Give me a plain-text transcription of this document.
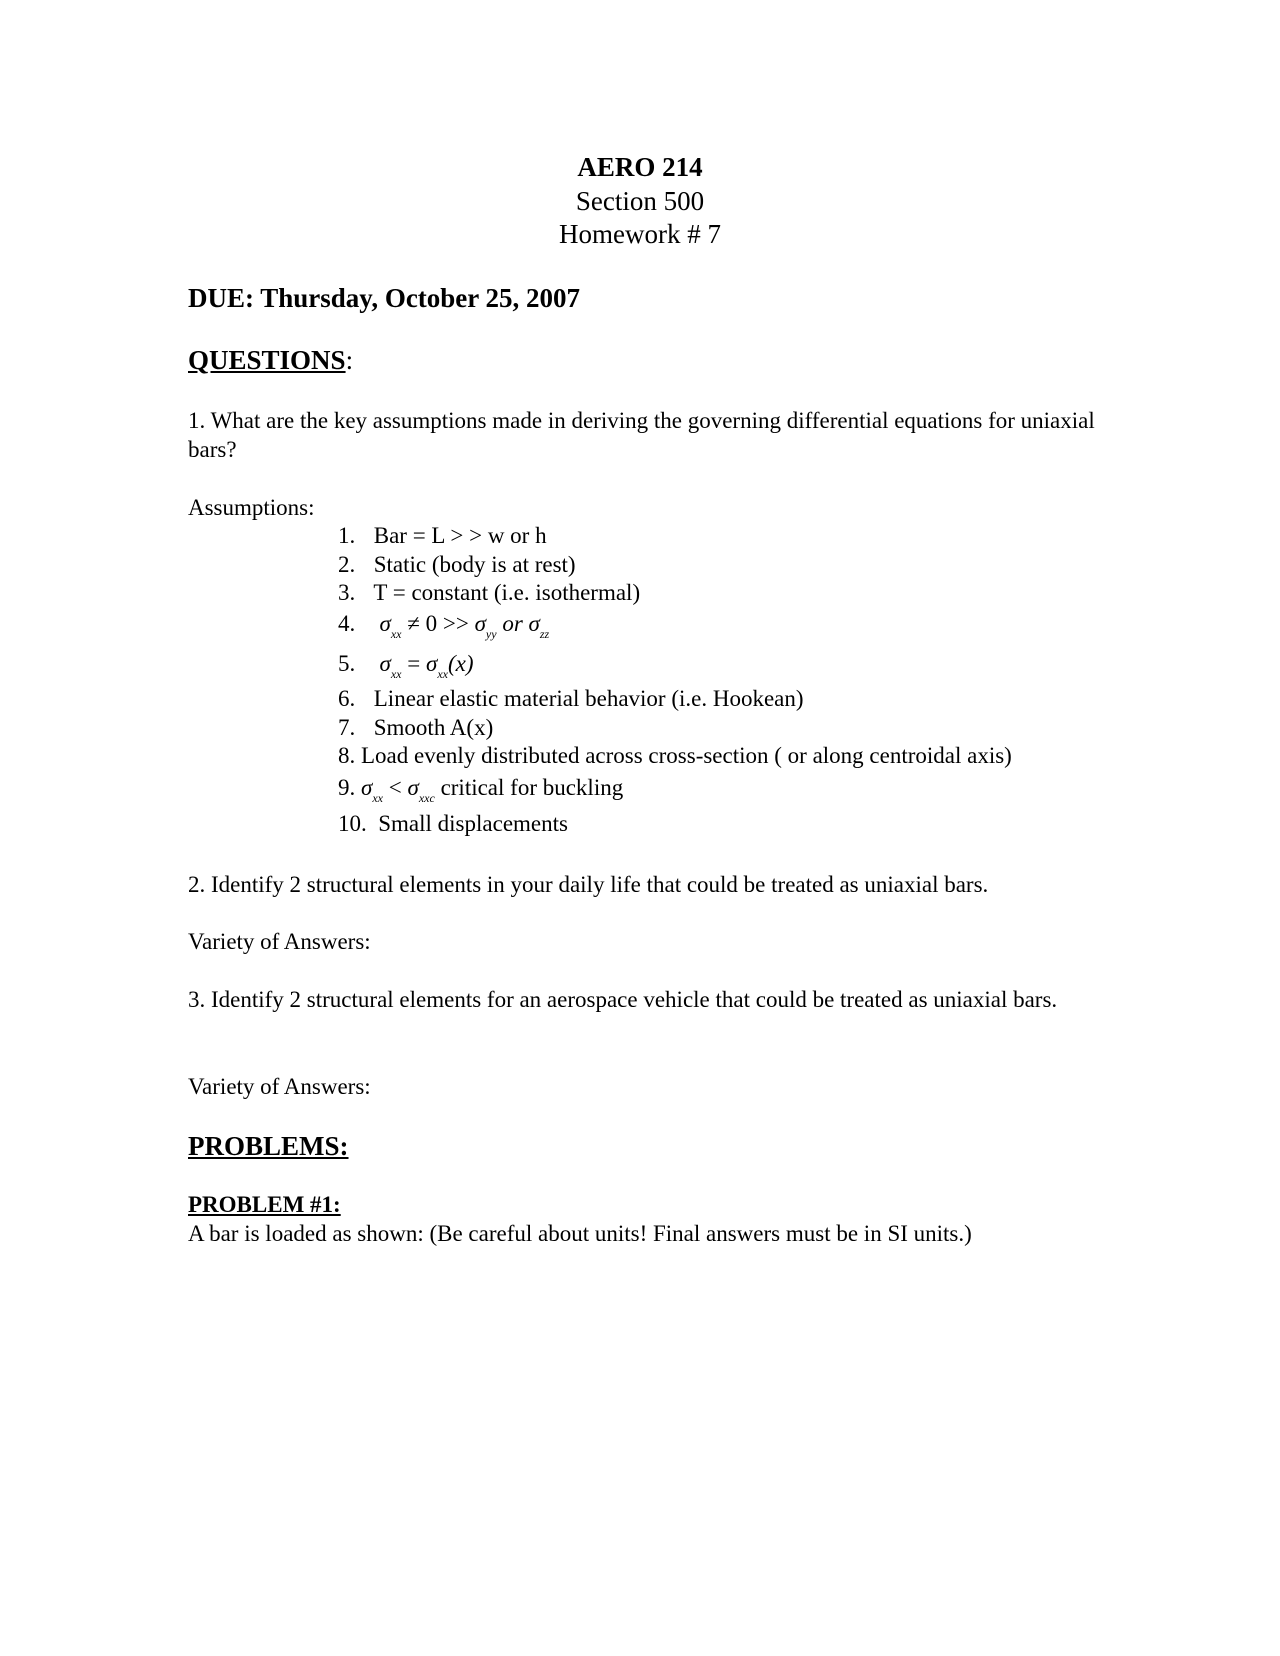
AERO 214
Section 500
Homework # 7
DUE: Thursday, October 25, 2007
QUESTIONS:
1. What are the key assumptions made in deriving the governing differential equations for uniaxial bars?
Assumptions:
1. Bar = L > > w or h
2. Static (body is at rest)
3. T = constant (i.e. isothermal)
4. $\sigma_{xx} \ne 0 >> \sigma_{yy}$ or $\sigma_{zz}$
5. $\sigma_{xx} = \sigma_{xx}(x)$
6. Linear elastic material behavior (i.e. Hookean)
7. Smooth A(x)
8. Load evenly distributed across cross-section ( or along centroidal axis)
9. $\sigma_{xx} < \sigma_{xxc}$ critical for buckling
10. Small displacements
2. Identify 2 structural elements in your daily life that could be treated as uniaxial bars.
Variety of Answers:
3. Identify 2 structural elements for an aerospace vehicle that could be treated as uniaxial bars.
Variety of Answers:
PROBLEMS:
PROBLEM #1:
A bar is loaded as shown: (Be careful about units! Final answers must be in SI units.)
